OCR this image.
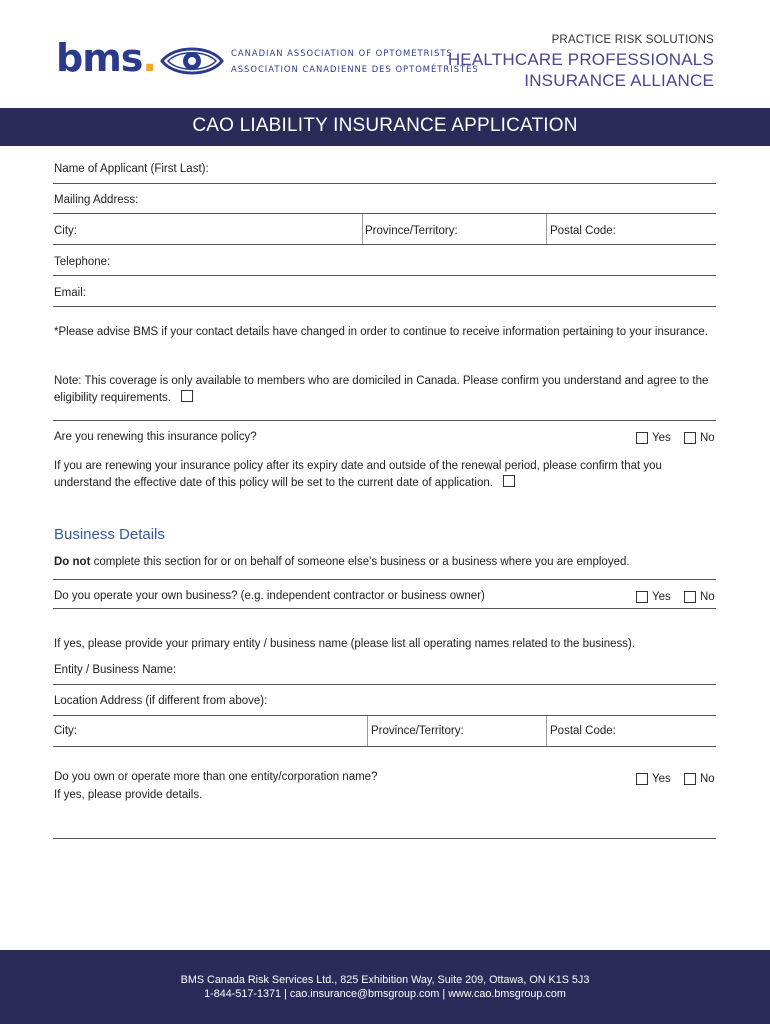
bms.	CANADIAN ASSOCIATION OF OPTOMETRISTS
ASSOCIATION CANADIENNE DES OPTOMÉTRISTES
PRACTICE RISK SOLUTIONS
HEALTHCARE PROFESSIONALS
INSURANCE ALLIANCE
CAO LIABILITY INSURANCE APPLICATION
Name of Applicant (First Last):
Mailing Address:
City:	Province/Territory:	Postal Code:
Telephone:
Email:
*Please advise BMS if your contact details have changed in order to continue to receive information pertaining to your insurance.
Note: This coverage is only available to members who are domiciled in Canada. Please confirm you understand and agree to the eligibility requirements.
Are you renewing this insurance policy?	Yes	No
If you are renewing your insurance policy after its expiry date and outside of the renewal period, please confirm that you understand the effective date of this policy will be set to the current date of application.
Business Details
Do not complete this section for or on behalf of someone else's business or a business where you are employed.
Do you operate your own business? (e.g. independent contractor or business owner)	Yes	No
If yes, please provide your primary entity / business name (please list all operating names related to the business).
Entity / Business Name:
Location Address (if different from above):
City:	Province/Territory:	Postal Code:
Do you own or operate more than one entity/corporation name?
If yes, please provide details.
Yes	No
BMS Canada Risk Services Ltd., 825 Exhibition Way, Suite 209, Ottawa, ON K1S 5J3
1-844-517-1371 | cao.insurance@bmsgroup.com | www.cao.bmsgroup.com
